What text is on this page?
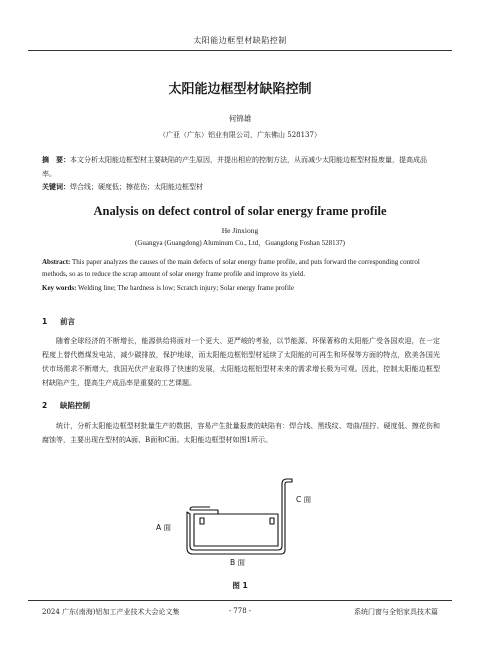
太阳能边框型材缺陷控制
太阳能边框型材缺陷控制
何锦雄
（广亚（广东）铝业有限公司，广东佛山 528137）
摘　要：本文分析太阳能边框型材主要缺陷的产生原因，并提出相应的控制方法，从而减少太阳能边框型材报废量，提高成品率。
关键词：焊合线；硬度低；擦花伤；太阳能边框型材
Analysis on defect control of solar energy frame profile
He Jinxiong
(Guangya (Guangdong) Aluminum Co., Ltd，Guangdong Foshan 528137)
Abstract: This paper analyzes the causes of the main defects of solar energy frame profile, and puts forward the corresponding control methods, so as to reduce the scrap amount of solar energy frame profile and improve its yield.
Key words: Welding line; The hardness is low; Scratch injury; Solar energy frame profile
1 前言
随着全球经济的不断增长，能源供给将面对一个更大、更严峻的考验，以节能源、环保著称的太阳能广受各国欢迎，在一定程度上替代燃煤发电站，减少碳排放，保护地球，而太阳能边框铝型材延续了太阳能的可再生和环保等方面的特点，欧美各国光伏市场需求不断增大，我国光伏产业取得了快速的发展，太阳能边框铝型材未来的需求增长极为可观。因此，控制太阳能边框型材缺陷产生，提高生产成品率是重要的工艺课题。
2 缺陷控制
统计，分析太阳能边框型材批量生产的数据，容易产生批量报废的缺陷有：焊合线、黑线纹、弯曲/扭拧、硬度低、擦花伤和腐蚀等，主要出现在型材的A面、B面和C面。太阳能边框型材如图1所示。
A 面
B 面
C 面
图 1
2024 广东(南海)铝加工产业技术大会论文集	- 778 -	系统门窗与全铝家具技术篇
